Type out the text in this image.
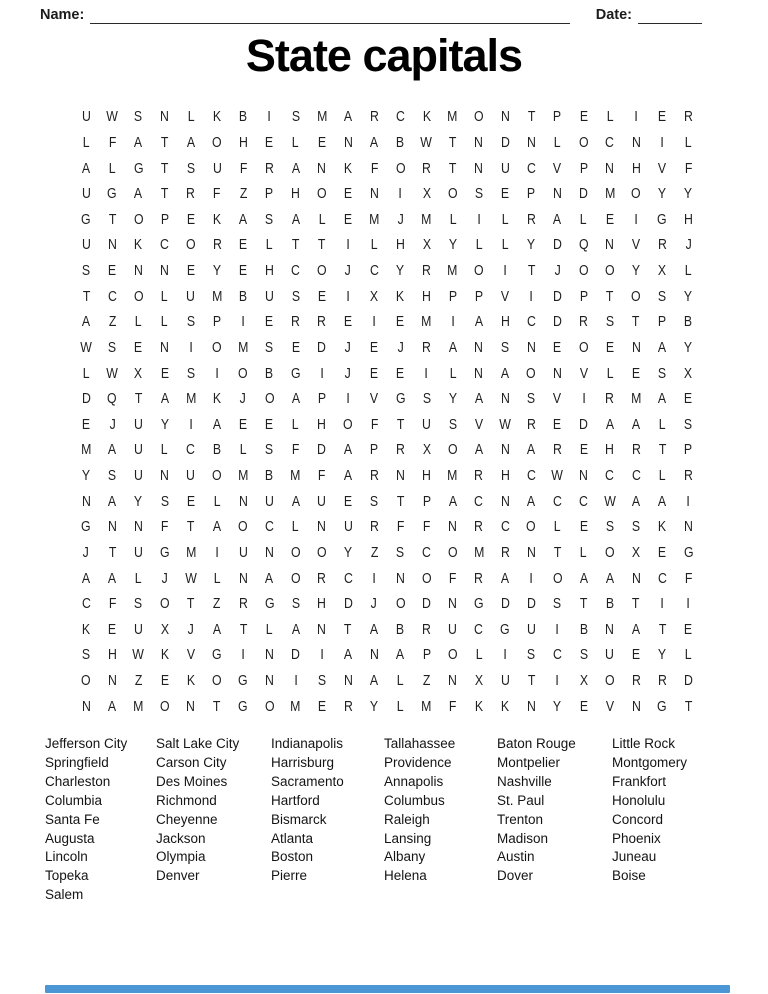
Name:	Date:
State capitals
U W S N L K B I S M A R C K M O N T P E L I E R
L F A T A O H E L E N A B W T N D N L O C N I L
A L G T S U F R A N K F O R T N U C V P N H V F
U G A T R F Z P H O E N I X O S E P N D M O Y Y
G T O P E K A S A L E M J M L I L R A L E I G H
U N K C O R E L T T I L H X Y L L Y D Q N V R J
S E N N E Y E H C O J C Y R M O I T J O O Y X L
T C O L U M B U S E I X K H P P V I D P T O S Y
A Z L L S P I E R R E I E M I A H C D R S T P B
W S E N I O M S E D J E J R A N S N E O E N A Y
L W X E S I O B G I J E E I L N A O N V L E S X
D Q T A M K J O A P I V G S Y A N S V I R M A E
E J U Y I A E E L H O F T U S V W R E D A A L S
M A U L C B L S F D A P R X O A N A R E H R T P
Y S U N U O M B M F A R N H M R H C W N C C L R
N A Y S E L N U A U E S T P A C N A C C W A A I
G N N F T A O C L N U R F F N R C O L E S S K N
J T U G M I U N O O Y Z S C O M R N T L O X E G
A A L J W L N A O R C I N O F R A I O A A N C F
C F S O T Z R G S H D J O D N G D D S T B T I I
K E U X J A T L A N T A B R U C G U I B N A T E
S H W K V G I N D I A N A P O L I S C S U E Y L
O N Z E K O G N I S N A L Z N X U T I X O R R D
N A M O N T G O M E R Y L M F K K N Y E V N G T
Jefferson City
Springfield
Charleston
Columbia
Santa Fe
Augusta
Lincoln
Topeka
Salem
Salt Lake City
Carson City
Des Moines
Richmond
Cheyenne
Jackson
Olympia
Denver
Indianapolis
Harrisburg
Sacramento
Hartford
Bismarck
Atlanta
Boston
Pierre
Tallahassee
Providence
Annapolis
Columbus
Raleigh
Lansing
Albany
Helena
Baton Rouge
Montpelier
Nashville
St. Paul
Trenton
Madison
Austin
Dover
Little Rock
Montgomery
Frankfort
Honolulu
Concord
Phoenix
Juneau
Boise
